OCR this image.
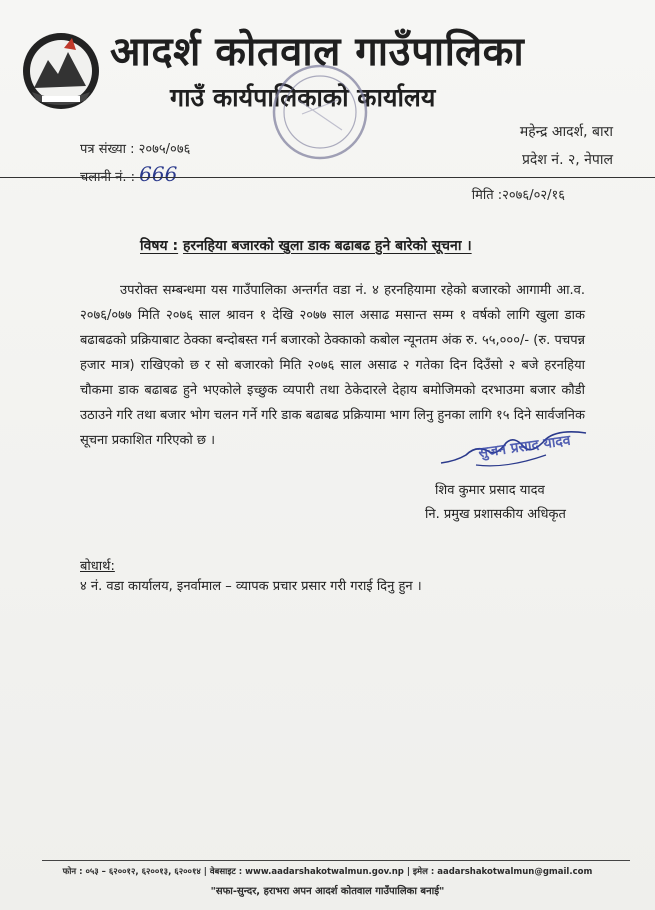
आदर्श कोतवाल गाउँपालिका
गाउँ कार्यपालिकाको कार्यालय
पत्र संख्या : २०७५/०७६
चलानी नं. : 666
महेन्द्र आदर्श, बारा
प्रदेश नं. २, नेपाल
मिति :२०७६/०२/१६
विषय : हरनहिया बजारको खुला डाक बढाबढ हुने बारेको सूचना ।
उपरोक्त सम्बन्धमा यस गाउँपालिका अन्तर्गत वडा नं. ४ हरनहियामा रहेको बजारको आगामी आ.व. २०७६/०७७ मिति २०७६ साल श्रावन १ देखि २०७७ साल असाढ मसान्त सम्म १ वर्षको लागि खुला डाक बढाबढको प्रक्रियाबाट ठेक्का बन्दोबस्त गर्न बजारको ठेक्काको कबोल न्यूनतम अंक रु. ५५,०००/- (रु. पचपन्न हजार मात्र) राखिएको छ र सो बजारको मिति २०७६ साल असाढ २ गतेका दिन दिउँसो २ बजे हरनहिया चौकमा डाक बढाबढ हुने भएकोले इच्छुक व्यपारी तथा ठेकेदारले देहाय बमोजिमको दरभाउमा बजार कौडी उठाउने गरि तथा बजार भोग चलन गर्ने गरि डाक बढाबढ प्रक्रियामा भाग लिनु हुनका लागि १५ दिने सार्वजनिक सूचना प्रकाशित गरिएको छ ।	सुजन प्रसाद यादव
शिव कुमार प्रसाद यादव
नि. प्रमुख प्रशासकीय अधिकृत
बोधार्थ:
४ नं. वडा कार्यालय, इनर्वामाल – व्यापक प्रचार प्रसार गरी गराई दिनु हुन ।
फोन : ०५३ – ६२००१२, ६२००१३, ६२००१४ | वेबसाइट : www.aadarshakotwalmun.gov.np | इमेल : aadarshakotwalmun@gmail.com
"सफा-सुन्दर, हराभरा अपन आदर्श कोतवाल गाउँपालिका बनाई"
